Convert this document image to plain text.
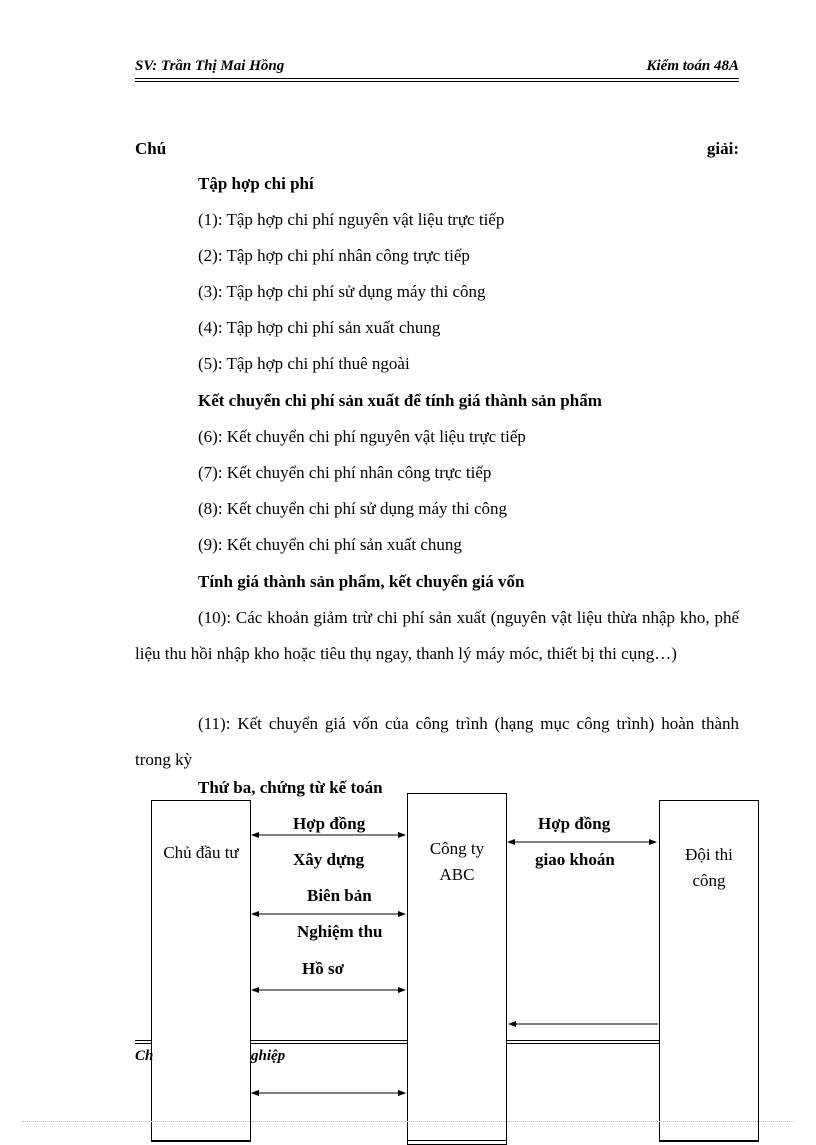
SV: Trần Thị Mai Hồng	Kiểm toán 48A
Chú	giải:
Tập hợp chi phí
(1): Tập hợp chi phí nguyên vật liệu trực tiếp
(2): Tập hợp chi phí nhân công trực tiếp
(3): Tập hợp chi phí sử dụng máy thi công
(4): Tập hợp chi phí sản xuất chung
(5): Tập hợp chi phí thuê ngoài
Kết chuyển chi phí sản xuất để tính giá thành sản phẩm
(6): Kết chuyển chi phí nguyên vật liệu trực tiếp
(7): Kết chuyển chi phí nhân công trực tiếp
(8): Kết chuyển chi phí sử dụng máy thi công
(9): Kết chuyển chi phí sản xuất chung
Tính giá thành sản phẩm, kết chuyển giá vốn
(10): Các khoản giảm trừ chi phí sản xuất (nguyên vật liệu thừa nhập kho, phế liệu thu hồi nhập kho hoặc tiêu thụ ngay, thanh lý máy móc, thiết bị thi cụng…)
(11): Kết chuyển giá vốn của công trình (hạng mục công trình) hoàn thành trong kỳ
Thứ ba, chứng từ kế toán
Chủ đầu tư	Công ty ABC
Đội thi công
Hợp đồng
Xây dựng
Biên bản
Nghiệm thu
Hồ sơ
Hợp đồng
giao khoán
Ch	ghiệp
